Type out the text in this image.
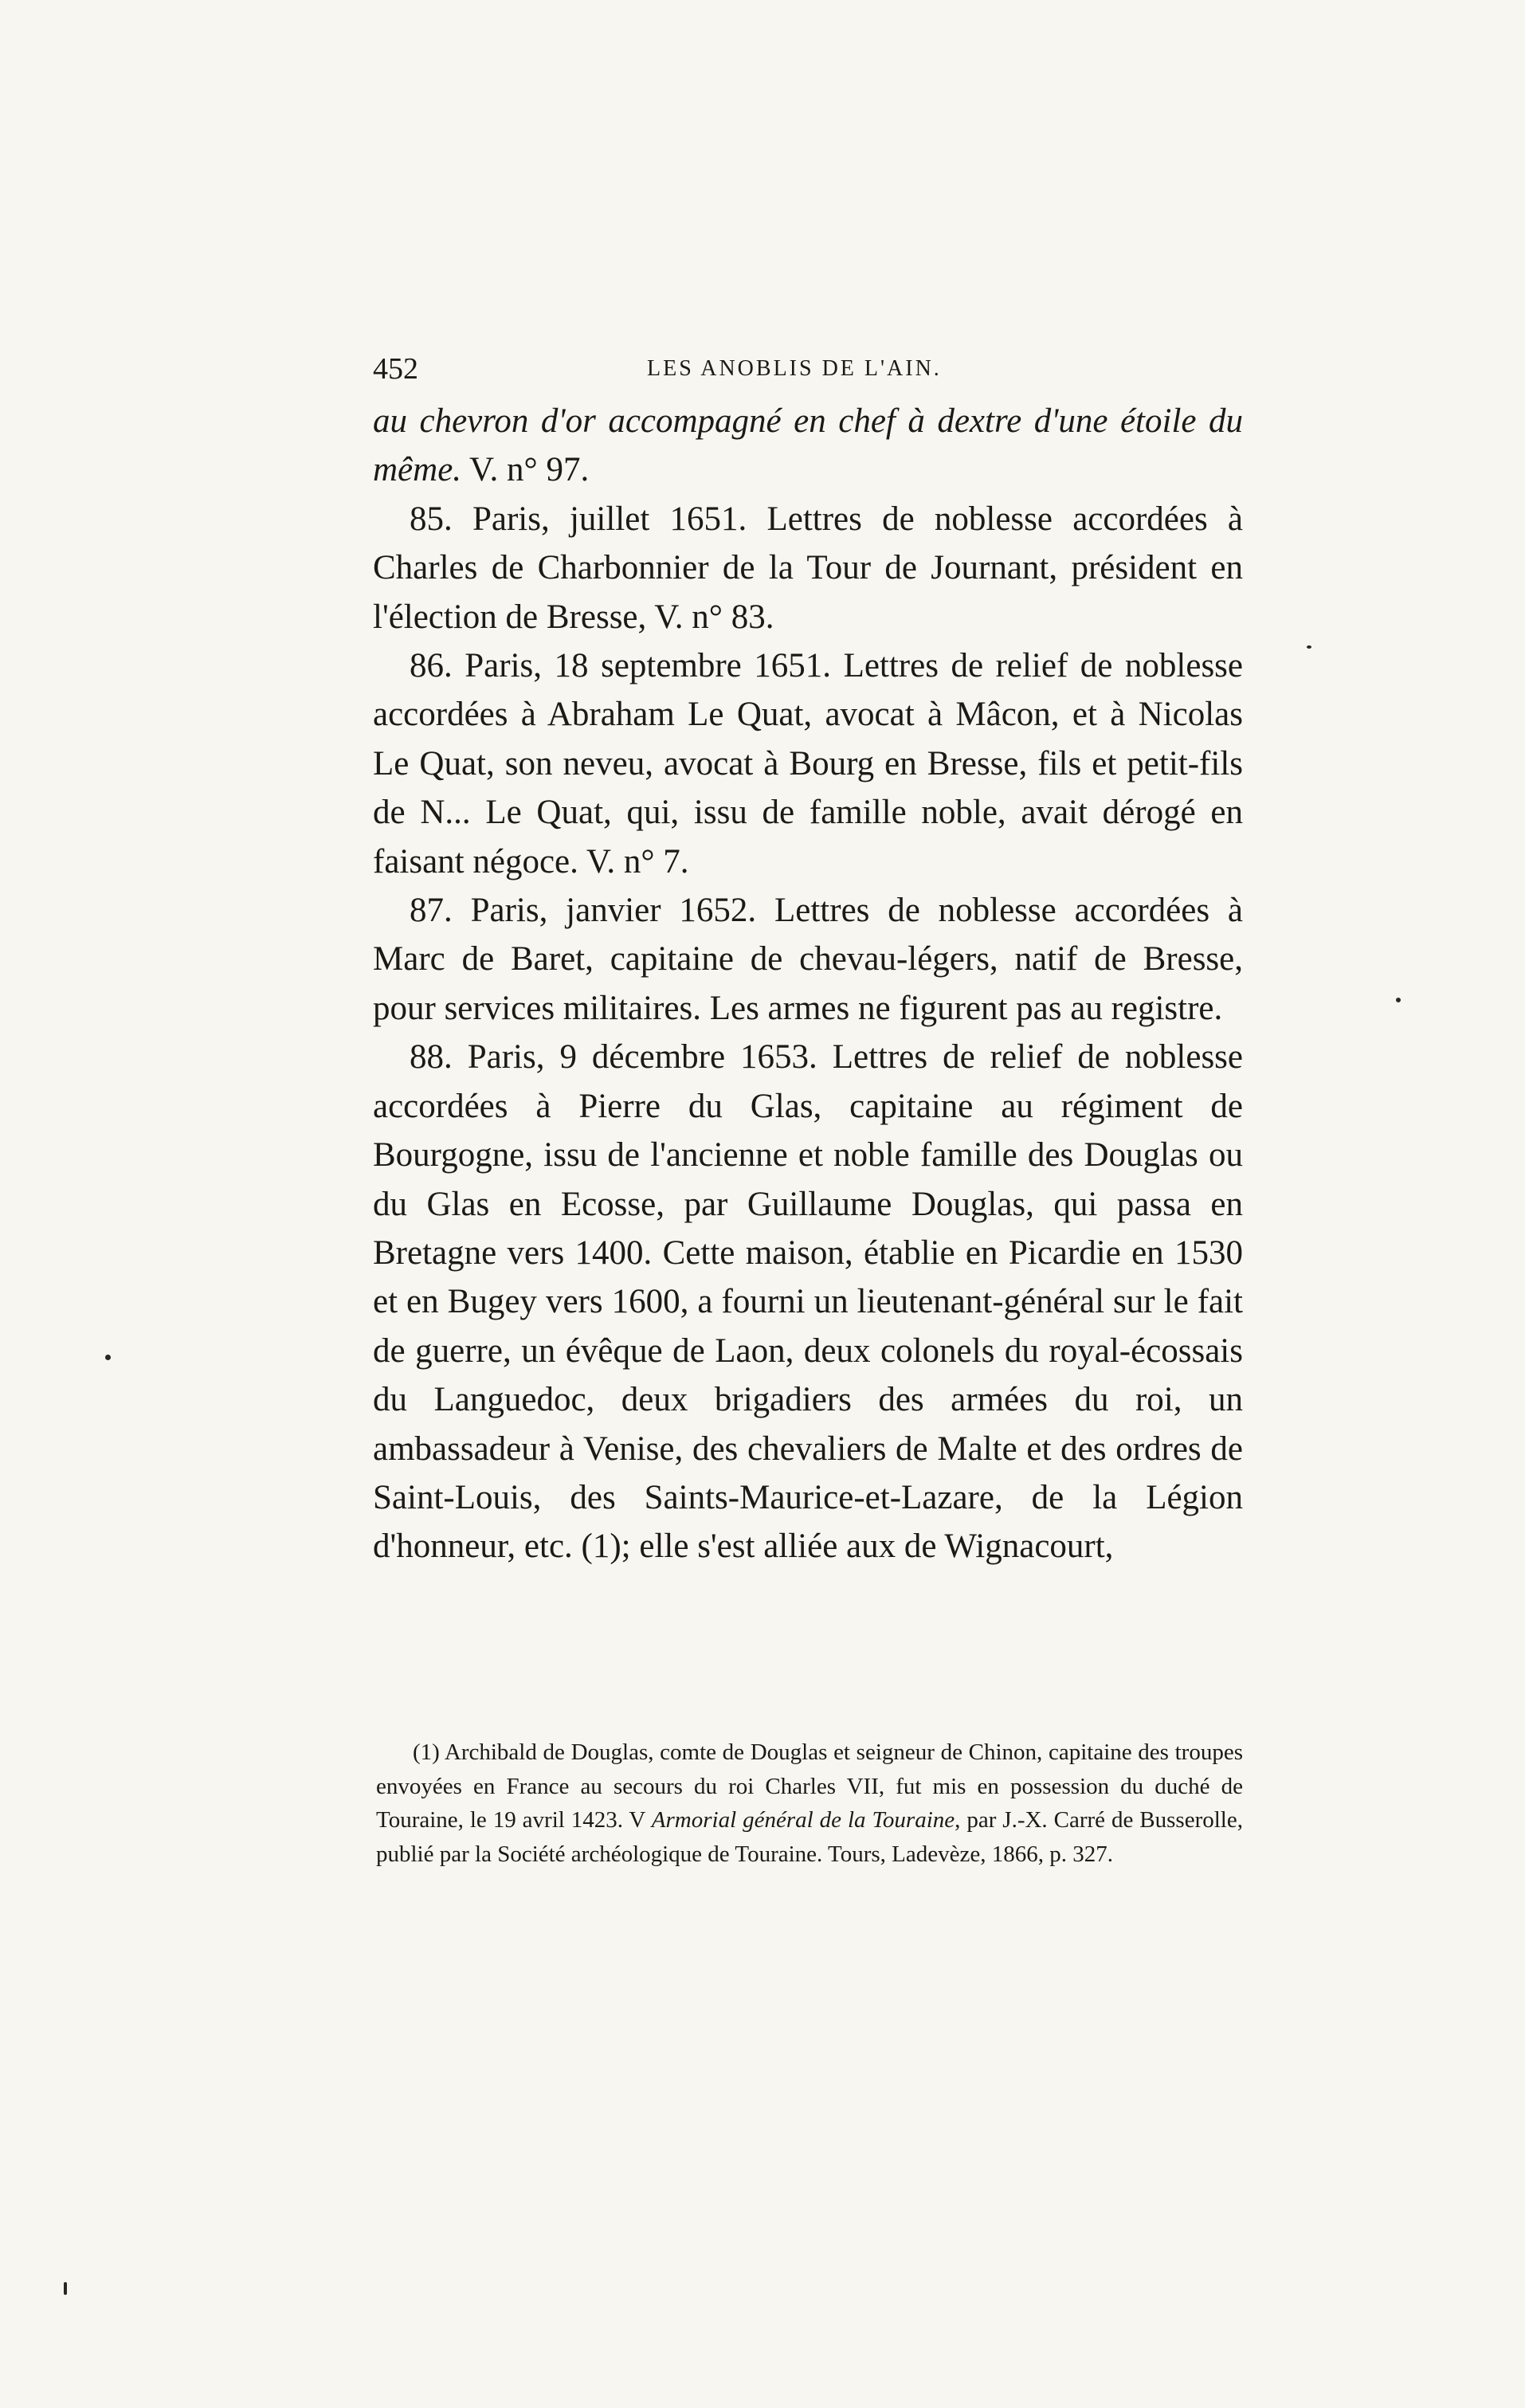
452	LES ANOBLIS DE L'AIN.

au chevron d'or accompagné en chef à dextre d'une étoile du même. V. n° 97.

85. Paris, juillet 1651. Lettres de noblesse accordées à Charles de Charbonnier de la Tour de Journant, président en l'élection de Bresse, V. n° 83.

86. Paris, 18 septembre 1651. Lettres de relief de noblesse accordées à Abraham Le Quat, avocat à Mâcon, et à Nicolas Le Quat, son neveu, avocat à Bourg en Bresse, fils et petit-fils de N... Le Quat, qui, issu de famille noble, avait dérogé en faisant négoce. V. n° 7.

87. Paris, janvier 1652. Lettres de noblesse accordées à Marc de Baret, capitaine de chevau-légers, natif de Bresse, pour services militaires. Les armes ne figurent pas au registre.

88. Paris, 9 décembre 1653. Lettres de relief de noblesse accordées à Pierre du Glas, capitaine au régiment de Bourgogne, issu de l'ancienne et noble famille des Douglas ou du Glas en Ecosse, par Guillaume Douglas, qui passa en Bretagne vers 1400. Cette maison, établie en Picardie en 1530 et en Bugey vers 1600, a fourni un lieutenant-général sur le fait de guerre, un évêque de Laon, deux colonels du royal-écossais du Languedoc, deux brigadiers des armées du roi, un ambassadeur à Venise, des chevaliers de Malte et des ordres de Saint-Louis, des Saints-Maurice-et-Lazare, de la Légion d'honneur, etc. (1); elle s'est alliée aux de Wignacourt,

(1) Archibald de Douglas, comte de Douglas et seigneur de Chinon, capitaine des troupes envoyées en France au secours du roi Charles VII, fut mis en possession du duché de Touraine, le 19 avril 1423. V Armorial général de la Touraine, par J.-X. Carré de Busserolle, publié par la Société archéologique de Touraine. Tours, Ladevèze, 1866, p. 327.
